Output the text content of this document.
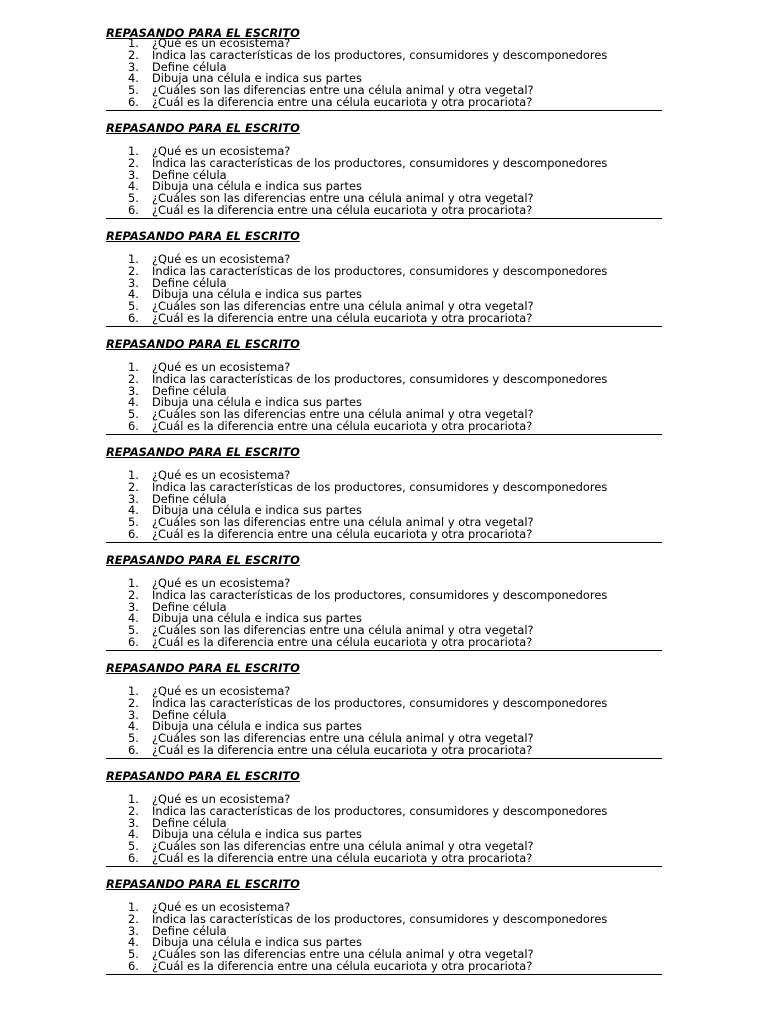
REPASANDO PARA EL ESCRITO
1.	¿Qué es un ecosistema?
2.	Indica las características de los productores, consumidores y descomponedores
3.	Define célula
4.	Dibuja una célula e indica sus partes
5.	¿Cuáles son las diferencias entre una célula animal y otra vegetal?
6.	¿Cuál es la diferencia entre una célula eucariota y otra procariota?
REPASANDO PARA EL ESCRITO
1.	¿Qué es un ecosistema?
2.	Indica las características de los productores, consumidores y descomponedores
3.	Define célula
4.	Dibuja una célula e indica sus partes
5.	¿Cuáles son las diferencias entre una célula animal y otra vegetal?
6.	¿Cuál es la diferencia entre una célula eucariota y otra procariota?
REPASANDO PARA EL ESCRITO
1.	¿Qué es un ecosistema?
2.	Indica las características de los productores, consumidores y descomponedores
3.	Define célula
4.	Dibuja una célula e indica sus partes
5.	¿Cuáles son las diferencias entre una célula animal y otra vegetal?
6.	¿Cuál es la diferencia entre una célula eucariota y otra procariota?
REPASANDO PARA EL ESCRITO
1.	¿Qué es un ecosistema?
2.	Indica las características de los productores, consumidores y descomponedores
3.	Define célula
4.	Dibuja una célula e indica sus partes
5.	¿Cuáles son las diferencias entre una célula animal y otra vegetal?
6.	¿Cuál es la diferencia entre una célula eucariota y otra procariota?
REPASANDO PARA EL ESCRITO
1.	¿Qué es un ecosistema?
2.	Indica las características de los productores, consumidores y descomponedores
3.	Define célula
4.	Dibuja una célula e indica sus partes
5.	¿Cuáles son las diferencias entre una célula animal y otra vegetal?
6.	¿Cuál es la diferencia entre una célula eucariota y otra procariota?
REPASANDO PARA EL ESCRITO
1.	¿Qué es un ecosistema?
2.	Indica las características de los productores, consumidores y descomponedores
3.	Define célula
4.	Dibuja una célula e indica sus partes
5.	¿Cuáles son las diferencias entre una célula animal y otra vegetal?
6.	¿Cuál es la diferencia entre una célula eucariota y otra procariota?
REPASANDO PARA EL ESCRITO
1.	¿Qué es un ecosistema?
2.	Indica las características de los productores, consumidores y descomponedores
3.	Define célula
4.	Dibuja una célula e indica sus partes
5.	¿Cuáles son las diferencias entre una célula animal y otra vegetal?
6.	¿Cuál es la diferencia entre una célula eucariota y otra procariota?
REPASANDO PARA EL ESCRITO
1.	¿Qué es un ecosistema?
2.	Indica las características de los productores, consumidores y descomponedores
3.	Define célula
4.	Dibuja una célula e indica sus partes
5.	¿Cuáles son las diferencias entre una célula animal y otra vegetal?
6.	¿Cuál es la diferencia entre una célula eucariota y otra procariota?
REPASANDO PARA EL ESCRITO
1.	¿Qué es un ecosistema?
2.	Indica las características de los productores, consumidores y descomponedores
3.	Define célula
4.	Dibuja una célula e indica sus partes
5.	¿Cuáles son las diferencias entre una célula animal y otra vegetal?
6.	¿Cuál es la diferencia entre una célula eucariota y otra procariota?
